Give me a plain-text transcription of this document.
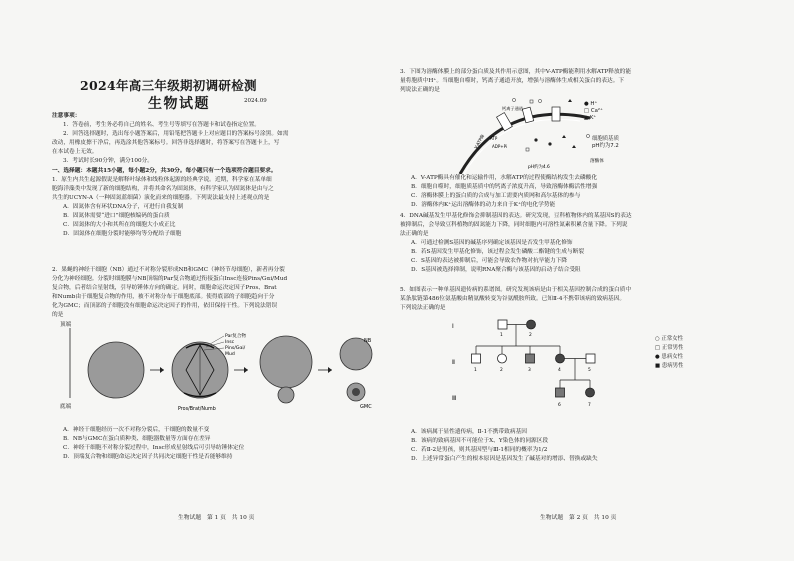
2024年高三年级期初调研检测
生物试题	2024.09
注意事项：
1．答卷前，考生务必将自己的姓名、考生号等填写在答题卡和试卷指定位置。
2．回答选择题时，选出每小题答案后，用铅笔把答题卡上对应题目的答案标号涂黑。如需
改动，用橡皮擦干净后，再选涂其他答案标号。回答非选择题时，将答案写在答题卡上，写
在本试卷上无效。
3．考试时长90分钟，满分100分。
一、选择题：本题共15小题，每小题2分，共30分。每小题只有一个选项符合题目要求。
1．原生内共生起源假说是解释叶绿体和线粒体起源的经典学说。近期，科学家在某单细
胞海洋藻类中发现了新的细胞结构，并将其命名为固氮体，有科学家认为固氮体是由与之
共生的UCYN-A（一种固氮蓝细菌）演化而来的细胞器。下列说法最支持上述观点的是
A．固氮体含有环状DNA分子，可进行自我复制
B．固氮体需要“进口”细胞核编码的蛋白质
C．固氮体的大小和其所在的细胞大小成正比
D．固氮体在细胞分裂时能够均等分配给子细胞
2．果蝇的神经干细胞（NB）通过不对称分裂形成NB和GMC（神经节母细胞），新者再分裂
分化为神经细胞。分裂时细胞膜与NB顶端的Par复合物通过衔接蛋白Insc连接Pins/Gαi/Mud
复合物，后者结合星射线，引导纺锤体方向的确定。同时，细胞命运决定因子Pros、Brat
和Numb由于细胞复合物的作用，被不对称分布于细胞底部。使得底部的子细胞趋向于分
化为GMC；而顶部的子细胞没有细胞命运决定因子的作用，依旧保持干性。下列说法错误
的是
顶端
底端
Par复合物
Insc
Pins/Gαi/
Mud
Pros/Brat/Numb
NB
GMC
A．神经干细胞经历一次不对称分裂后，干细胞的数量不变
B．NB与GMC在蛋白质种类、细胞器数量等方面存在差异
C．神经干细胞不对称分裂过程中，Insc形成星射线后可引导纺锤体定位
D．顶端复合物和细胞命运决定因子共同决定细胞干性是否能够维持
生物试题　第 1 页　共 10 页
3．下图为溶酶体膜上的部分蛋白质及其作用示意图，其中V-ATP酶能利用水解ATP释放的能
量将胞质中H⁺。当细胞自噬时，钙离子通道开放，增强与溶酶体生成相关蛋白的表达。下
列说法正确的是
钙离子通道
V-ATP酶	ATP
ADP+Pi
pH约为4.6
溶酶体
● H⁺
□ Ca²⁺
▲ K⁺
细胞质基质
pH约为7.2
A．V-ATP酶具有催化和运输作用，水解ATP的过程使酶结构发生去磷酸化
B．细胞自噬时，细胞质基质中的钙离子浓度升高，导致溶酶体酶活性增强
C．溶酶体膜上的蛋白质的合成与加工需要内质网和高尔基体的参与
D．溶酶体内K⁺运出溶酶体的动力来自于K⁺的电化学势能
4．DNA碱基发生甲基化修饰会抑制基因的表达。研究发现，豆科植物体内的某基因S的表达
被抑制后，会导致豆科植物的固氮能力下降，同时细胞内可溶性氮素积累含量下降。下列说
法正确的是
A．可通过检测S基因的碱基序列确定该基因是否发生甲基化修饰
B．若S基因发生甲基化修饰，该过程会发生磷酸二酯键的生成与断裂
C．S基因的表达被抑制后，可能会导致农作物对抗旱能力下降
D．S基因被选择抑制，说明RNA聚合酶与该基因的启动子结合受阻
5．如图表示一种单基因遗传病的系谱图。研究发现该病是由于相关基因控制合成的蛋白质中
某条肽链第486位氨基酸由精氨酸转变为谷氨酰胺所致。已知Ⅱ-4不携带该病的致病基因。
下列说法正确的是
Ⅰ
Ⅱ
Ⅲ
1	2
1	2	3	4	5
6	7
○ 正常女性
□ 正常男性
● 患病女性
■ 患病男性
A．该病属于显性遗传病，Ⅱ-1不携带致病基因
B．该病的致病基因不可能位于X、Y染色体的同源区段
C．若Ⅱ-2是男孩，则其基因型与Ⅲ-1相同的概率为1/2
D．上述异常蛋白产生的根本原因是基因发生了碱基对的增添、替换或缺失
生物试题　第 2 页　共 10 页
